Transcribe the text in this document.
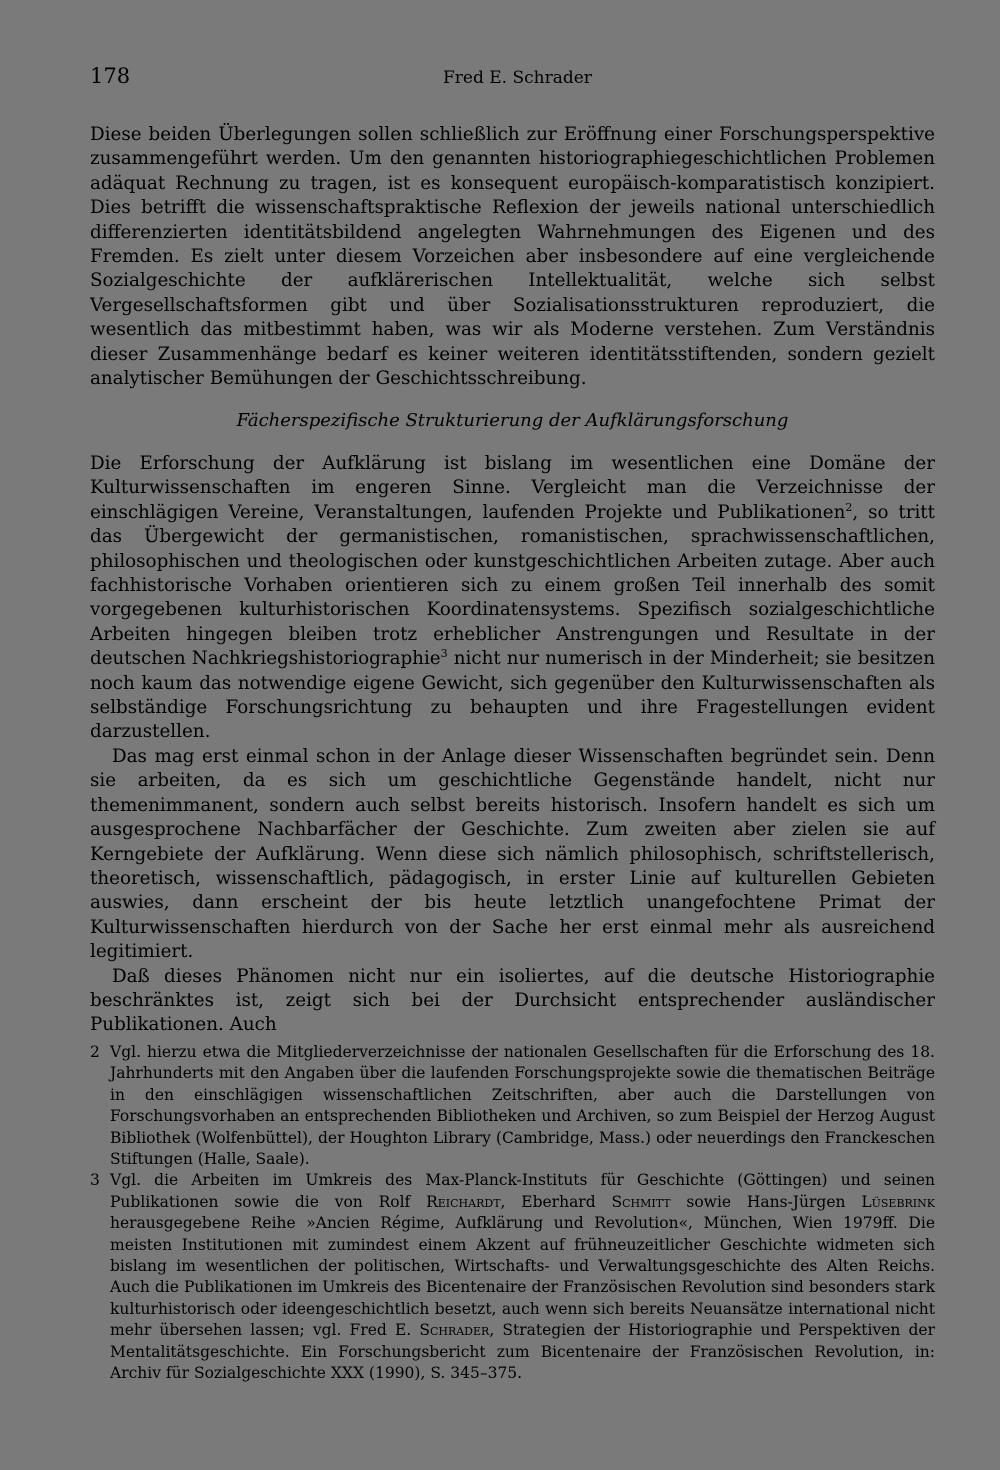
178	Fred E. Schrader
Diese beiden Überlegungen sollen schließlich zur Eröffnung einer Forschungsperspektive zusammengeführt werden. Um den genannten historiographiegeschichtlichen Problemen adäquat Rechnung zu tragen, ist es konsequent europäisch-komparatistisch konzipiert. Dies betrifft die wissenschaftspraktische Reflexion der jeweils national unterschiedlich differenzierten identitätsbildend angelegten Wahrnehmungen des Eigenen und des Fremden. Es zielt unter diesem Vorzeichen aber insbesondere auf eine vergleichende Sozialgeschichte der aufklärerischen Intellektualität, welche sich selbst Vergesellschaftsformen gibt und über Sozialisationsstrukturen reproduziert, die wesentlich das mitbestimmt haben, was wir als Moderne verstehen. Zum Verständnis dieser Zusammenhänge bedarf es keiner weiteren identitätsstiftenden, sondern gezielt analytischer Bemühungen der Geschichtsschreibung.
Fächerspezifische Strukturierung der Aufklärungsforschung

Die Erforschung der Aufklärung ist bislang im wesentlichen eine Domäne der Kulturwissenschaften im engeren Sinne. Vergleicht man die Verzeichnisse der einschlägigen Vereine, Veranstaltungen, laufenden Projekte und Publikationen$^2$, so tritt das Übergewicht der germanistischen, romanistischen, sprachwissenschaftlichen, philosophischen und theologischen oder kunstgeschichtlichen Arbeiten zutage. Aber auch fachhistorische Vorhaben orientieren sich zu einem großen Teil innerhalb des somit vorgegebenen kulturhistorischen Koordinatensystems. Spezifisch sozialgeschichtliche Arbeiten hingegen bleiben trotz erheblicher Anstrengungen und Resultate in der deutschen Nachkriegshistoriographie$^3$ nicht nur numerisch in der Minderheit; sie besitzen noch kaum das notwendige eigene Gewicht, sich gegenüber den Kulturwissenschaften als selbständige Forschungsrichtung zu behaupten und ihre Fragestellungen evident darzustellen.

Das mag erst einmal schon in der Anlage dieser Wissenschaften begründet sein. Denn sie arbeiten, da es sich um geschichtliche Gegenstände handelt, nicht nur themenimmanent, sondern auch selbst bereits historisch. Insofern handelt es sich um ausgesprochene Nachbarfächer der Geschichte. Zum zweiten aber zielen sie auf Kerngebiete der Aufklärung. Wenn diese sich nämlich philosophisch, schriftstellerisch, theoretisch, wissenschaftlich, pädagogisch, in erster Linie auf kulturellen Gebieten auswies, dann erscheint der bis heute letztlich unangefochtene Primat der Kulturwissenschaften hierdurch von der Sache her erst einmal mehr als ausreichend legitimiert.

Daß dieses Phänomen nicht nur ein isoliertes, auf die deutsche Historiographie beschränktes ist, zeigt sich bei der Durchsicht entsprechender ausländischer Publikationen. Auch

2 Vgl. hierzu etwa die Mitgliederverzeichnisse der nationalen Gesellschaften für die Erforschung des 18. Jahrhunderts mit den Angaben über die laufenden Forschungsprojekte sowie die thematischen Beiträge in den einschlägigen wissenschaftlichen Zeitschriften, aber auch die Darstellungen von Forschungsvorhaben an entsprechenden Bibliotheken und Archiven, so zum Beispiel der Herzog August Bibliothek (Wolfenbüttel), der Houghton Library (Cambridge, Mass.) oder neuerdings den Franckeschen Stiftungen (Halle, Saale).
3 Vgl. die Arbeiten im Umkreis des Max-Planck-Instituts für Geschichte (Göttingen) und seinen Publikationen sowie die von Rolf Reichardt, Eberhard Schmitt sowie Hans-Jürgen Lüsebrink herausgegebene Reihe »Ancien Régime, Aufklärung und Revolution«, München, Wien 1979ff. Die meisten Institutionen mit zumindest einem Akzent auf frühneuzeitlicher Geschichte widmeten sich bislang im wesentlichen der politischen, Wirtschafts- und Verwaltungsgeschichte des Alten Reichs. Auch die Publikationen im Umkreis des Bicentenaire der Französischen Revolution sind besonders stark kulturhistorisch oder ideengeschichtlich besetzt, auch wenn sich bereits Neuansätze international nicht mehr übersehen lassen; vgl. Fred E. Schrader, Strategien der Historiographie und Perspektiven der Mentalitätsgeschichte. Ein Forschungsbericht zum Bicentenaire der Französischen Revolution, in: Archiv für Sozialgeschichte XXX (1990), S. 345–375.
